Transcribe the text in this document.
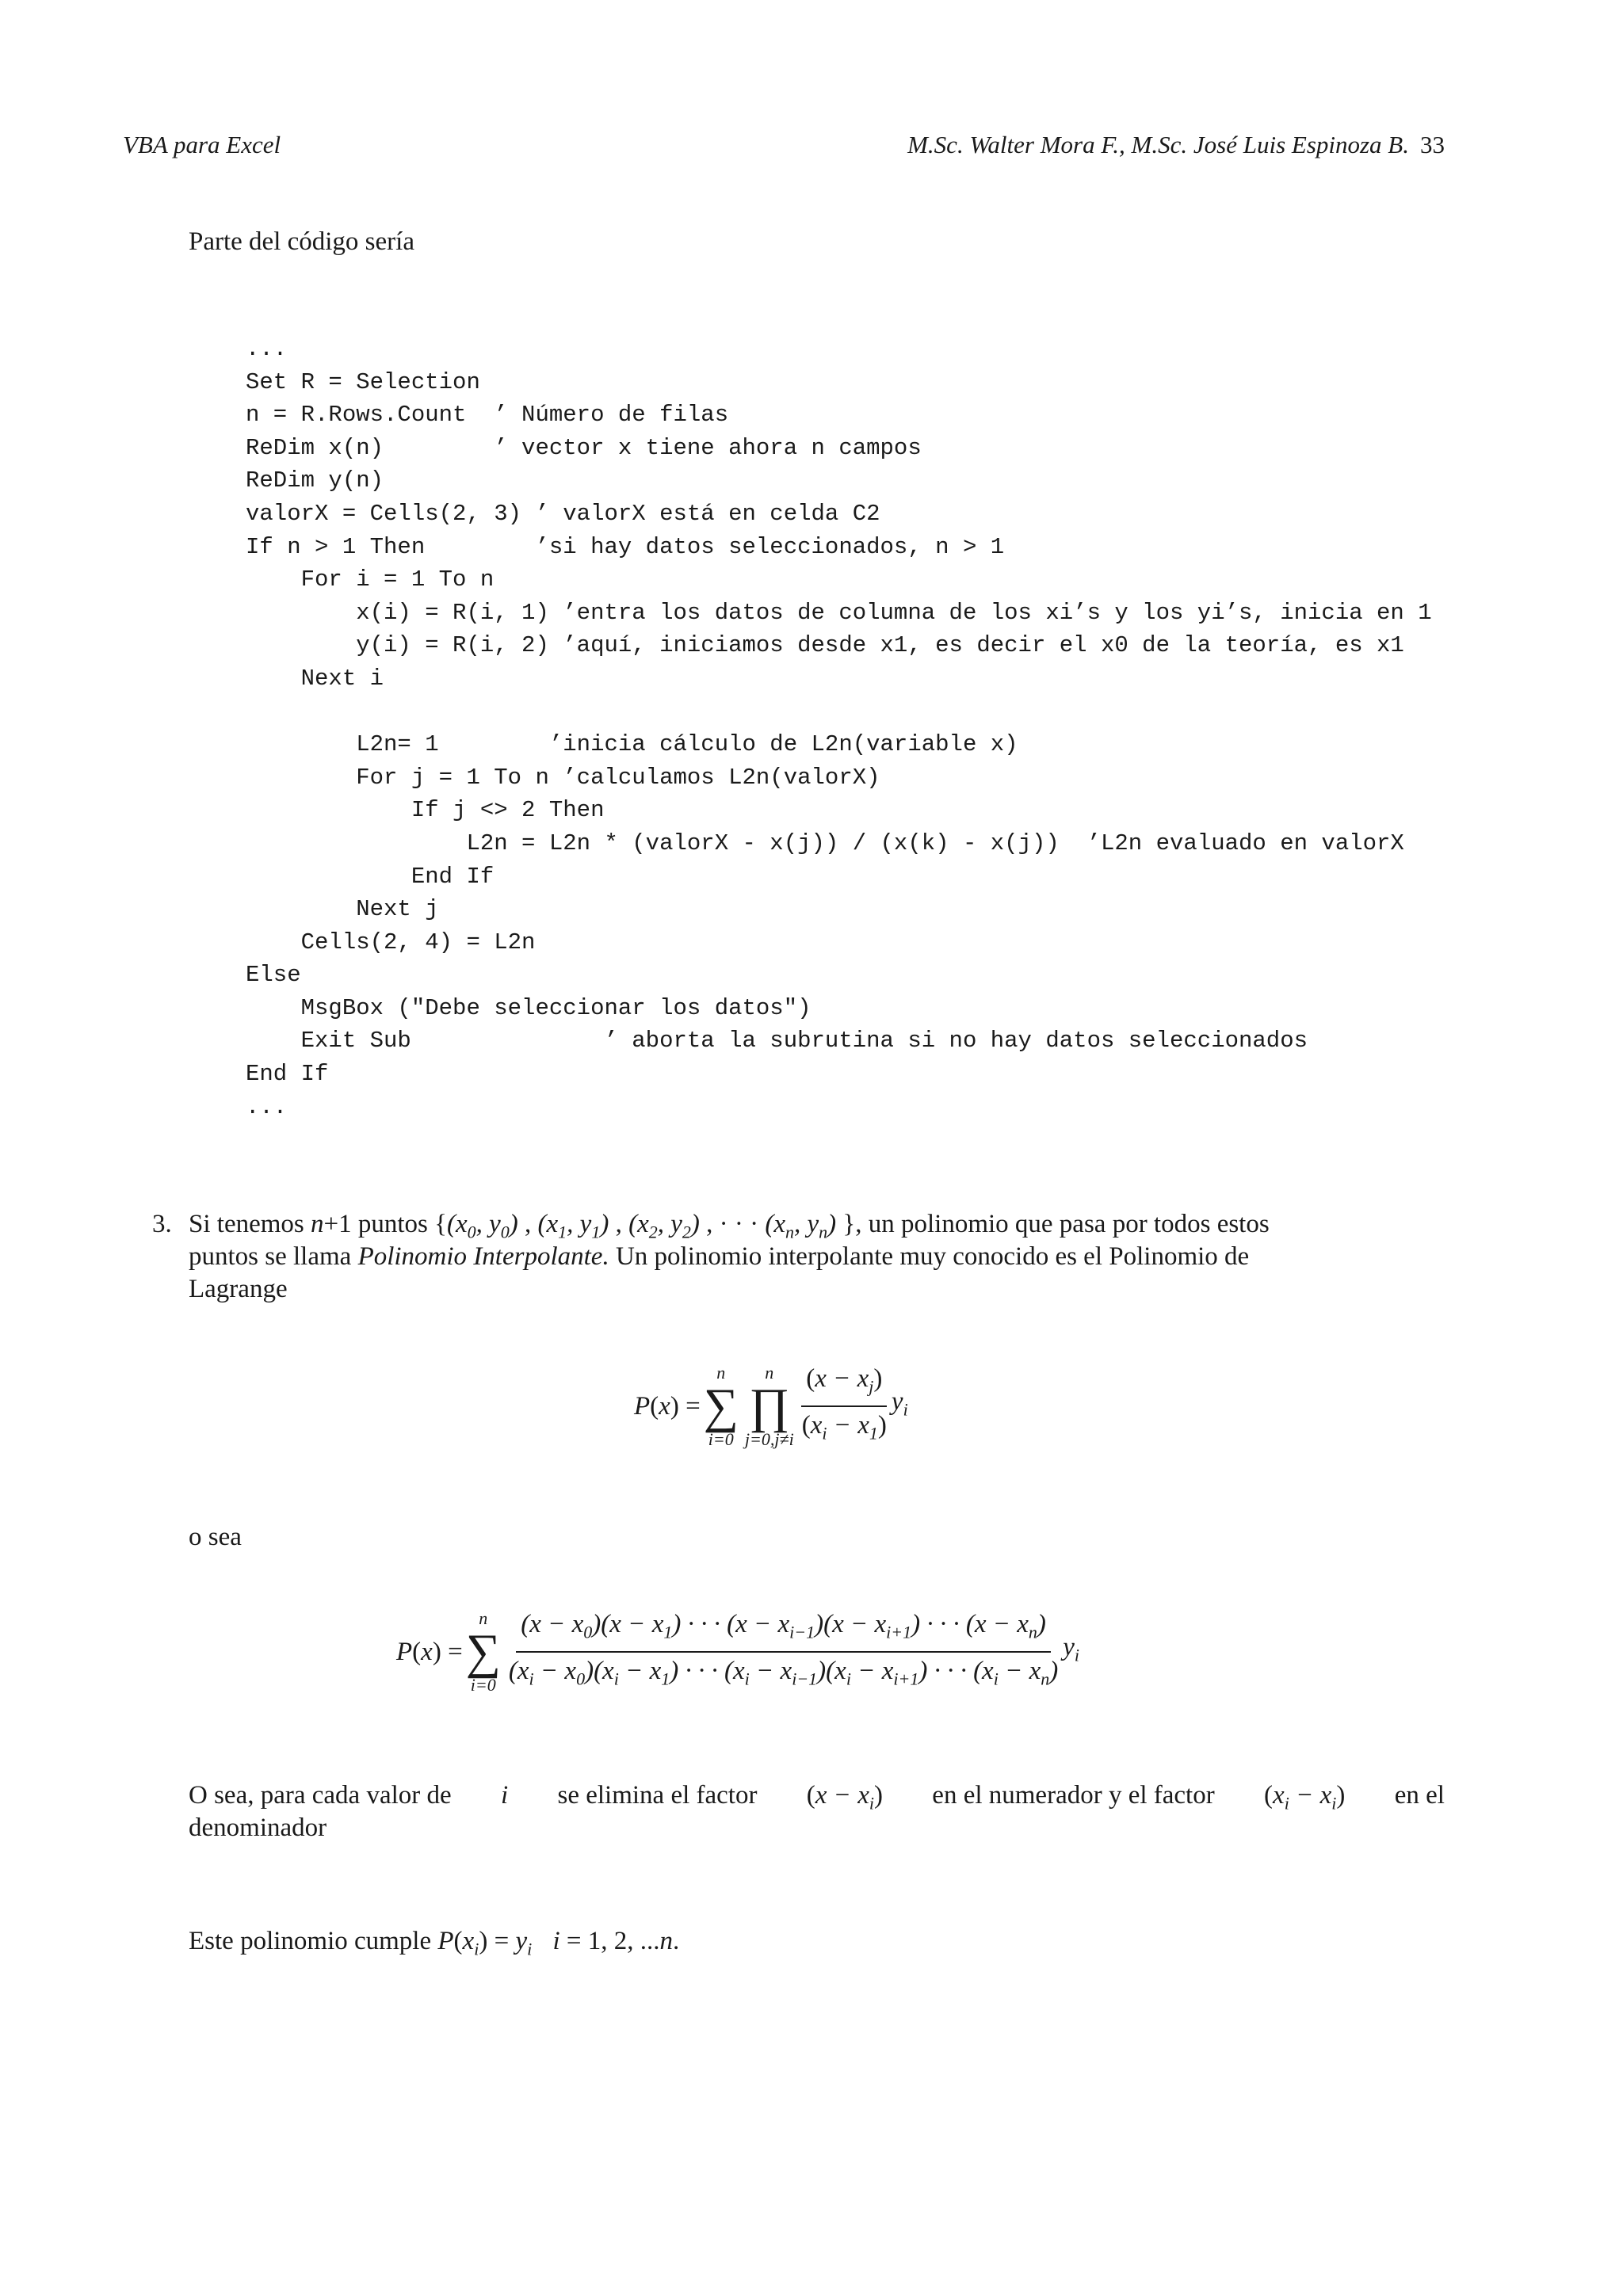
VBA para Excel	M.Sc. Walter Mora F., M.Sc. José Luis Espinoza B. 33
Parte del código sería
...
Set R = Selection
n = R.Rows.Count  ’ Número de filas
ReDim x(n)        ’ vector x tiene ahora n campos
ReDim y(n)
valorX = Cells(2, 3) ’ valorX está en celda C2
If n > 1 Then        ’si hay datos seleccionados, n > 1
For i = 1 To n
x(i) = R(i, 1) ’entra los datos de columna de los xi’s y los yi’s, inicia en 1
y(i) = R(i, 2) ’aquí, iniciamos desde x1, es decir el x0 de la teoría, es x1
Next i
L2n= 1        ’inicia cálculo de L2n(variable x)
For j = 1 To n ’calculamos L2n(valorX)
If j <> 2 Then
L2n = L2n * (valorX - x(j)) / (x(k) - x(j))  ’L2n evaluado en valorX
End If
Next j
Cells(2, 4) = L2n
Else
MsgBox ("Debe seleccionar los datos")
Exit Sub              ’ aborta la subrutina si no hay datos seleccionados
End If
...
3. Si tenemos n+1 puntos {($x_0$, $y_0$) , ($x_1$, $y_1$) , ($x_2$, $y_2$) , · · · ($x_n$, $y_n$) }, un polinomio que pasa por todos estos
puntos se llama Polinomio Interpolante. Un polinomio interpolante muy conocido es el Polinomio de
Lagrange
P(x) =
n
∑
i=0
n
∏
$j=0,j\ne i \frac{(x - x_j)}{(x_i - x_1)} y_i$
o sea
P(x) =
n
∑
i=0
$(x - x_0)(x - x_1)$ · · · $(x - x_{i-1})(x - x_{i+1})$ · · · $(x - x_n)$
$(x_i - x_0)(x_i - x_1)$ · · · $(x_i - x_{i-1})(x_i - x_{i+1})$ · · · $(x_i - x_n)$
$y_i$
O sea, para cada valor de i se elimina el factor $(x - x_i)$ en el numerador y el factor $(x_i - x_i)$ en el
denominador
Este polinomio cumple $P(x_i) = y_i$ i = 1, 2, ...n.
